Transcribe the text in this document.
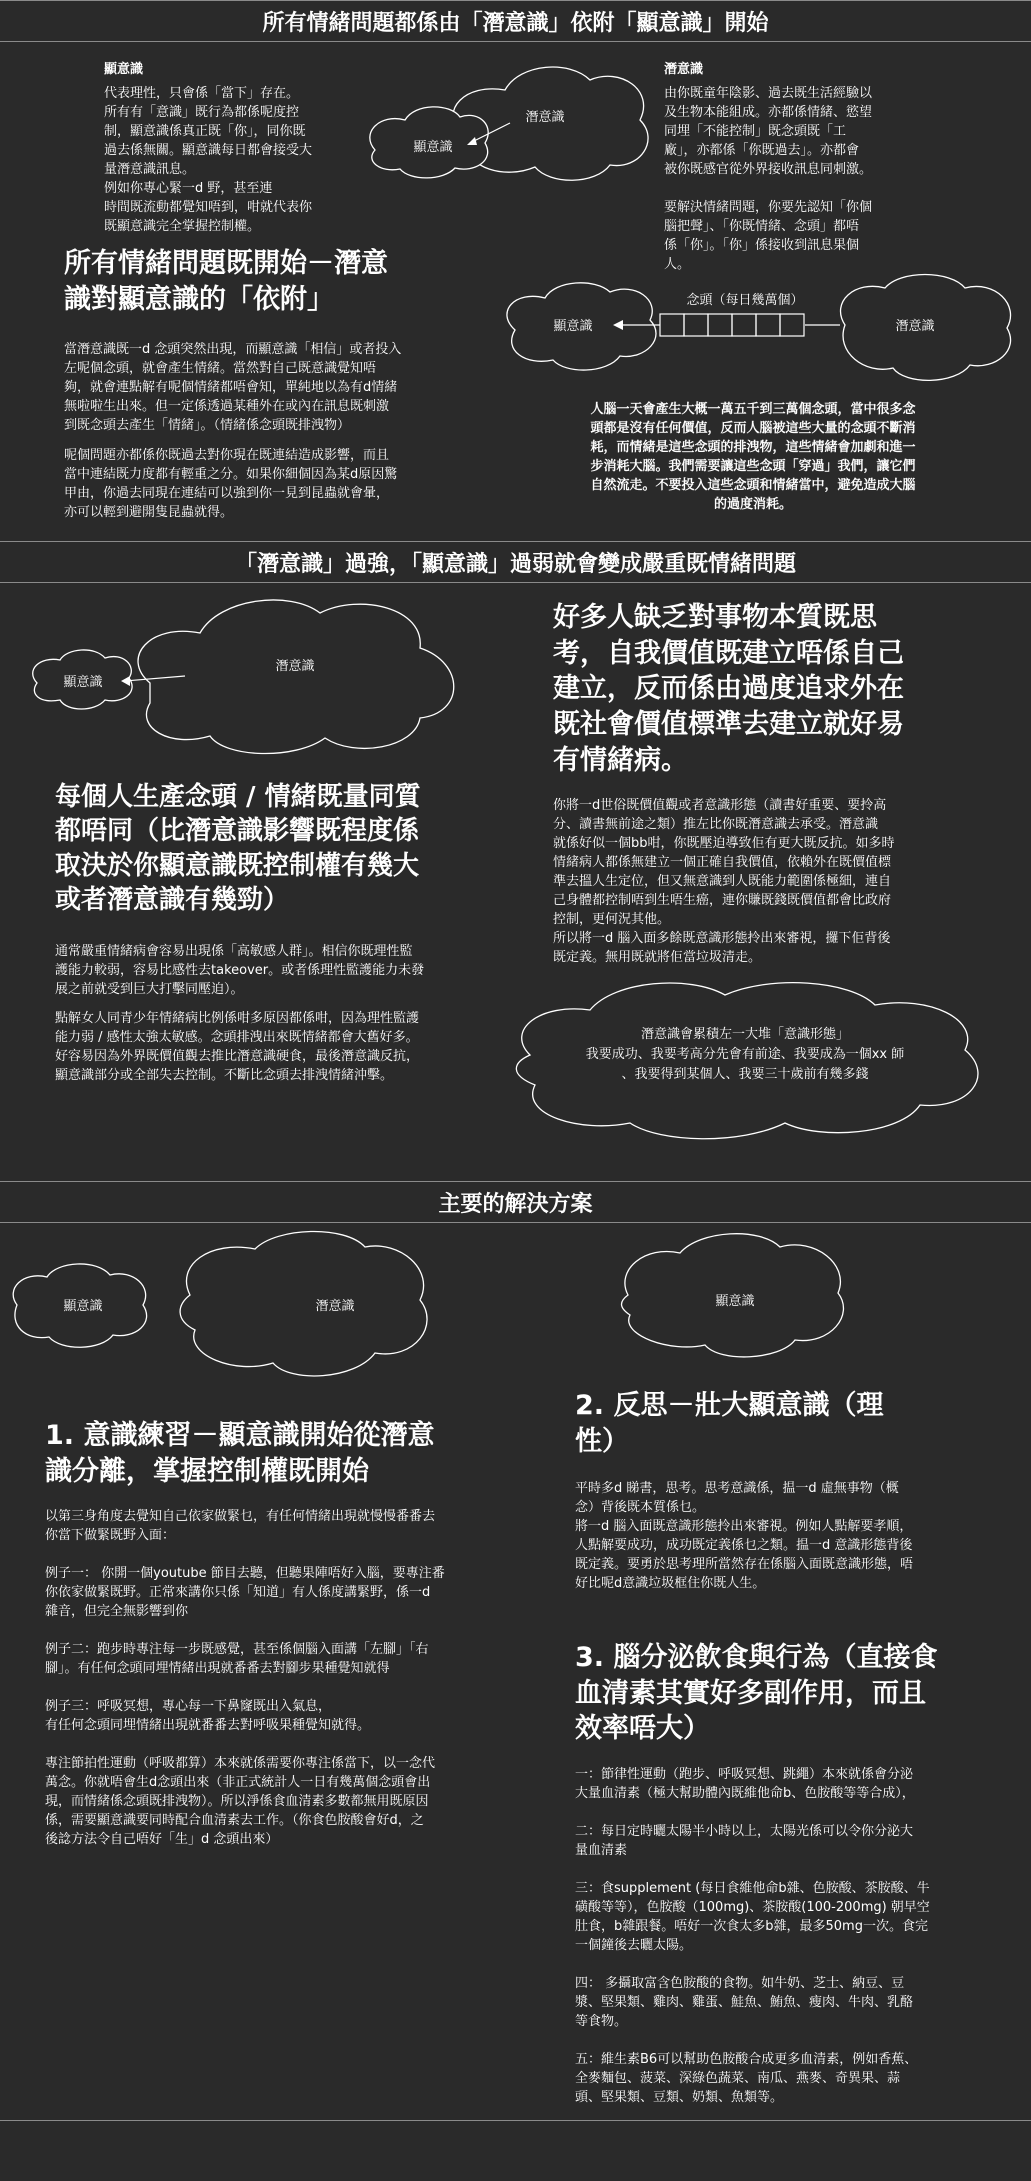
所有情緒問題都係由「潛意識」依附「顯意識」開始
顯意識

代表理性，只會係「當下」存在。
所有有「意識」既行為都係呢度控
制，顯意識係真正既「你」，同你既
過去係無關。顯意識每日都會接受大
量潛意識訊息。
例如你專心緊一d 野，甚至連
時間既流動都覺知唔到，咁就代表你
既顯意識完全掌握控制權。

潛意識
顯意識
潛意識

由你既童年陰影、過去既生活經驗以
及生物本能組成。亦都係情緒、慾望
同埋「不能控制」既念頭既「工
廠」，亦都係「你既過去」。亦都會
被你既感官從外界接收訊息同刺激。

要解決情緒問題，你要先認知「你個
腦把聲」、「你既情緒、念頭」都唔
係「你」。「你」係接收到訊息果個
人。

所有情緒問題既開始－潛意
識對顯意識的「依附」

當潛意識既一d 念頭突然出現，而顯意識「相信」或者投入
左呢個念頭，就會產生情緒。當然對自己既意識覺知唔
夠，就會連點解有呢個情緒都唔會知，單純地以為有d情緒
無啦啦生出來。但一定係透過某種外在或內在訊息既刺激
到既念頭去產生「情緒」。（情緒係念頭既排洩物）

呢個問題亦都係你既過去對你現在既連結造成影響，而且
當中連結既力度都有輕重之分。如果你細個因為某d原因驚
甲由，你過去同現在連結可以強到你一見到昆蟲就會暈，
亦可以輕到避開隻昆蟲就得。

顯意識	潛意識
念頭（每日幾萬個）

人腦一天會產生大概一萬五千到三萬個念頭，當中很多念
頭都是沒有任何價值，反而人腦被這些大量的念頭不斷消
耗，而情緒是這些念頭的排洩物，這些情緒會加劇和進一
步消耗大腦。我們需要讓這些念頭「穿過」我們，讓它們
自然流走。不要投入這些念頭和情緒當中，避免造成大腦
的過度消耗。

「潛意識」過強，「顯意識」過弱就會變成嚴重既情緒問題
潛意識
顯意識
好多人缺乏對事物本質既思
考，自我價值既建立唔係自己
建立，反而係由過度追求外在
既社會價值標準去建立就好易
有情緒病。

你將一d世俗既價值觀或者意識形態（讀書好重要、要拎高
分、讀書無前途之類）推左比你既潛意識去承受。潛意識
就係好似一個bb咁，你既壓迫導致佢有更大既反抗。如多時
情緒病人都係無建立一個正確自我價值，依賴外在既價值標
準去搵人生定位，但又無意識到人既能力範圍係極細，連自
己身體都控制唔到生唔生癌，連你賺既錢既價值都會比政府
控制，更何況其他。
所以將一d 腦入面多餘既意識形態拎出來審視，攞下佢背後
既定義。無用既就將佢當垃圾清走。

潛意識會累積左一大堆「意識形態」
我要成功、我要考高分先會有前途、我要成為一個xx 師
、我要得到某個人、我要三十歲前有幾多錢
每個人生產念頭 / 情緒既量同質
都唔同（比潛意識影響既程度係
取決於你顯意識既控制權有幾大
或者潛意識有幾勁）

通常嚴重情緒病會容易出現係「高敏感人群」。相信你既理性監
護能力較弱，容易比感性去takeover。或者係理性監護能力未發
展之前就受到巨大打擊同壓迫）。

點解女人同青少年情緒病比例係咁多原因都係咁，因為理性監護
能力弱 / 感性太強太敏感。念頭排洩出來既情緒都會大舊好多。
好容易因為外界既價值觀去推比潛意識硬食，最後潛意識反抗，
顯意識部分或全部失去控制。不斷比念頭去排洩情緒沖擊。

主要的解決方案
顯意識	潛意識	顯意識
1. 意識練習－顯意識開始從潛意
識分離，掌握控制權既開始

以第三身角度去覺知自己依家做緊乜，有任何情緒出現就慢慢番番去
你當下做緊既野入面：

例子一： 你開一個youtube 節目去聽，但聽果陣唔好入腦，要專注番
你依家做緊既野。正常來講你只係「知道」有人係度講緊野，係一d
雜音，但完全無影響到你

例子二：跑步時專注每一步既感覺，甚至係個腦入面講「左腳」「右
腳」。有任何念頭同埋情緒出現就番番去對腳步果種覺知就得

例子三：呼吸冥想，專心每一下鼻窿既出入氣息，
有任何念頭同埋情緒出現就番番去對呼吸果種覺知就得。

專注節拍性運動（呼吸都算）本來就係需要你專注係當下，以一念代
萬念。你就唔會生d念頭出來（非正式統計人一日有幾萬個念頭會出
現，而情緒係念頭既排洩物）。所以淨係食血清素多數都無用既原因
係，需要顯意識要同時配合血清素去工作。（你食色胺酸會好d，之
後諗方法令自己唔好「生」d 念頭出來）

2. 反思－壯大顯意識（理
性）

平時多d 睇書，思考。思考意識係，揾一d 虛無事物（概
念）背後既本質係乜。
將一d 腦入面既意識形態拎出來審視。例如人點解要孝順，
人點解要成功，成功既定義係乜之類。揾一d 意識形態背後
既定義。要勇於思考理所當然存在係腦入面既意識形態，唔
好比呢d意識垃圾框住你既人生。

3. 腦分泌飲食與行為（直接食
血清素其實好多副作用，而且
效率唔大）

一：節律性運動（跑步、呼吸冥想、跳繩）本來就係會分泌
大量血清素（極大幫助體內既維他命b、色胺酸等等合成），

二：每日定時曬太陽半小時以上，太陽光係可以令你分泌大
量血清素

三：食supplement (每日食維他命b雜、色胺酸、茶胺酸、牛
磺酸等等），色胺酸（100mg)、茶胺酸(100-200mg) 朝早空
肚食，b雜跟餐。唔好一次食太多b雜，最多50mg一次。食完
一個鐘後去曬太陽。

四： 多攝取富含色胺酸的食物。如牛奶、芝士、納豆、豆
漿、堅果類、雞肉、雞蛋、鮭魚、鮪魚、瘦肉、牛肉、乳酪
等食物。

五：維生素B6可以幫助色胺酸合成更多血清素，例如香蕉、
全麥麵包、菠菜、深綠色蔬菜、南瓜、燕麥、奇異果、蒜
頭、堅果類、豆類、奶類、魚類等。
